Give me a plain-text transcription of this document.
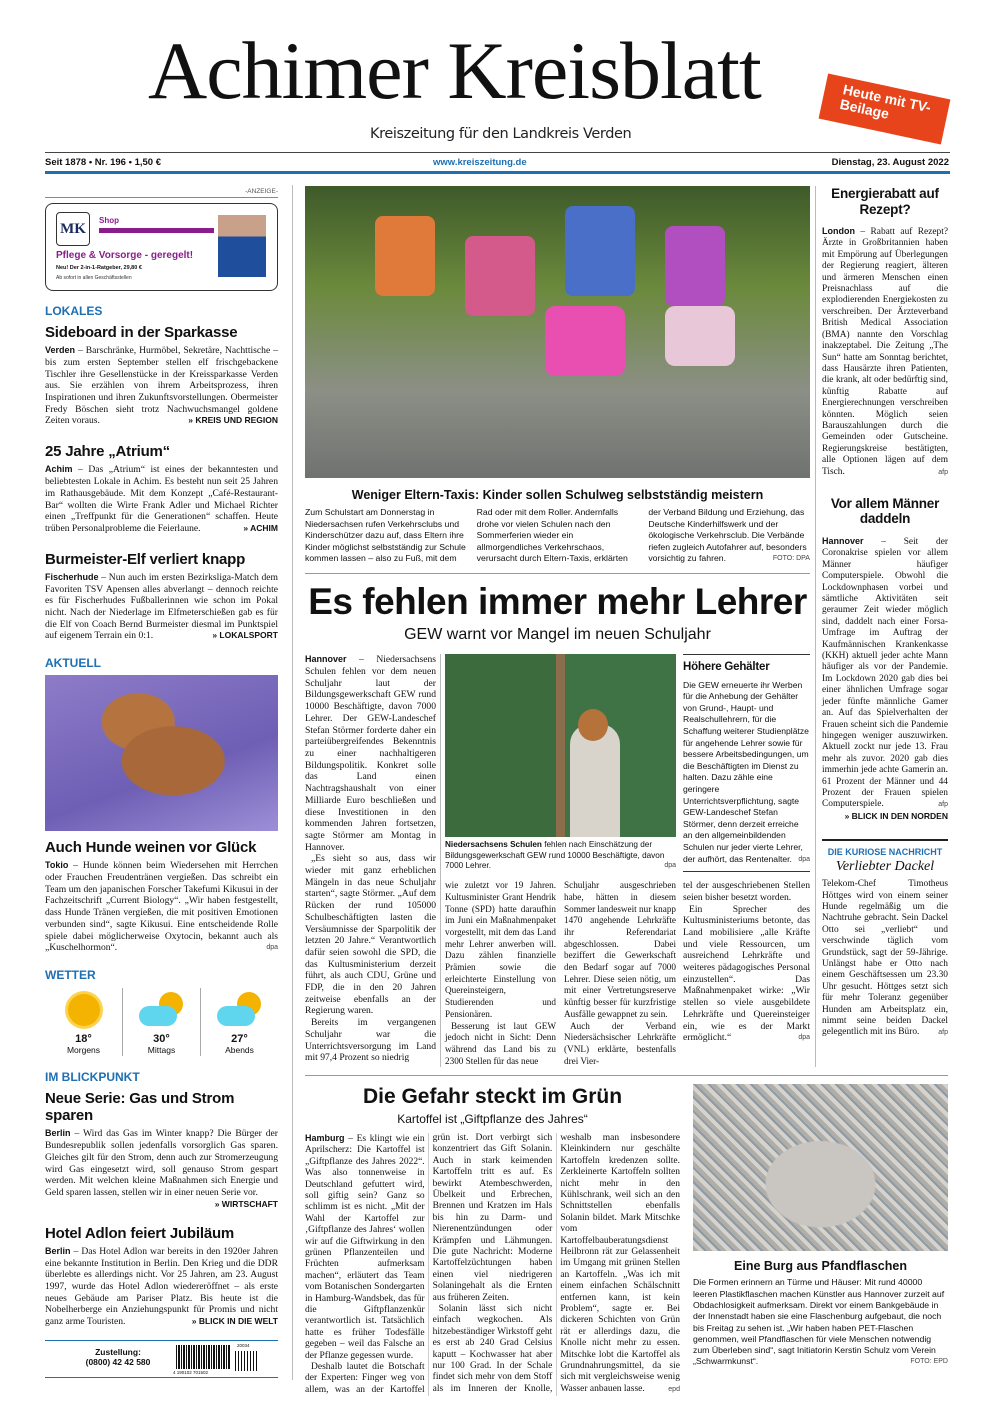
Achimer Kreisblatt
Kreiszeitung für den Landkreis Verden
Heute mit TV-Beilage
Seit 1878 • Nr. 196 • 1,50 €	www.kreiszeitung.de	Dienstag, 23. August 2022
-ANZEIGE-
MK
Shop
Pflege & Vorsorge - geregelt!
Neu! Der 2-in-1-Ratgeber, 29,80 €
Ab sofort in allen Geschäftsstellen
LOKALES
Sideboard in der Sparkasse
Verden – Barschränke, Hurmöbel, Sekretäre, Nachttische – bis zum ersten September stellen elf frischgebackene Tischler ihre Gesellenstücke in der Kreissparkasse Verden aus. Sie erzählen von ihrem Arbeitsprozess, ihren Inspirationen und ihren Zukunftsvorstellungen. Obermeister Fredy Böschen sieht trotz Nachwuchsmangel goldene Zeiten voraus.	» KREIS UND REGION
25 Jahre „Atrium“
Achim – Das „Atrium“ ist eines der bekanntesten und beliebtesten Lokale in Achim. Es besteht nun seit 25 Jahren im Rathausgebäude. Mit dem Konzept „Café-Restaurant-Bar“ wollten die Wirte Frank Adler und Michael Richter einen „Treffpunkt für die Generationen“ schaffen. Heute trüben Personalprobleme die Feierlaune.	» ACHIM
Burmeister-Elf verliert knapp
Fischerhude – Nun auch im ersten Bezirksliga-Match dem Favoriten TSV Apensen alles abverlangt – dennoch reichte es für Fischerhudes Fußballerinnen wie schon im Pokal nicht. Nach der Niederlage im Elfmeterschießen gab es für die Elf von Coach Bernd Burmeister diesmal im Punktspiel auf eigenem Terrain ein 0:1.	» LOKALSPORT
AKTUELL
Auch Hunde weinen vor Glück
Tokio – Hunde können beim Wiedersehen mit Herrchen oder Frauchen Freudentränen vergießen. Das schreibt ein Team um den japanischen Forscher Takefumi Kikusui in der Fachzeitschrift „Current Biology“. „Wir haben festgestellt, dass Hunde Tränen vergießen, die mit positiven Emotionen verbunden sind“, sagte Kikusui. Eine entscheidende Rolle spiele dabei möglicherweise Oxytocin, bekannt auch als „Kuschelhormon“.	dpa
WETTER
18°
Morgens
30°
Mittags
27°
Abends
IM BLICKPUNKT
Neue Serie: Gas und Strom sparen
Berlin – Wird das Gas im Winter knapp? Die Bürger der Bundesrepublik sollen jedenfalls vorsorglich Gas sparen. Gleiches gilt für den Strom, denn auch zur Stromerzeugung wird Gas eingesetzt wird, soll genauso Strom gespart werden. Mit welchen kleine Maßnahmen sich Energie und Geld sparen lassen, stellen wir in einer neuen Serie vor.
» WIRTSCHAFT
Hotel Adlon feiert Jubiläum
Berlin – Das Hotel Adlon war bereits in den 1920er Jahren eine bekannte Institution in Berlin. Den Krieg und die DDR überlebte es allerdings nicht. Vor 25 Jahren, am 23. August 1997, wurde das Hotel Adlon wiedereröffnet – als erste neues Gebäude am Pariser Platz. Bis heute ist die Nobelherberge ein Anziehungspunkt für Promis und nicht ganz arme Touristen.	» BLICK IN DIE WELT
Zustellung:
(0800) 42 42 580
4 190102 701502
20034
Weniger Eltern-Taxis: Kinder sollen Schulweg selbstständig meistern
Zum Schulstart am Donnerstag in Niedersachsen rufen Verkehrsclubs und Kinderschützer dazu auf, dass Eltern ihre Kinder möglichst selbstständig zur Schule kommen lassen – also zu Fuß, mit dem Rad oder mit dem Roller. Andernfalls drohe vor vielen Schulen nach den Sommerferien wieder ein allmorgendliches Verkehrschaos, verursacht durch Eltern-Taxis, erklärten der Verband Bildung und Erziehung, das Deutsche Kinderhilfswerk und der ökologische Verkehrsclub. Die Verbände riefen zugleich Autofahrer auf, besonders vorsichtig zu fahren.	FOTO: DPA
Es fehlen immer mehr Lehrer
GEW warnt vor Mangel im neuen Schuljahr

Hannover – Niedersachsens Schulen fehlen vor dem neuen Schuljahr laut der Bildungsgewerkschaft GEW rund 10000 Beschäftigte, davon 7000 Lehrer. Der GEW-Landeschef Stefan Störmer forderte daher ein parteiübergreifendes Bekenntnis zu einer nachhaltigeren Bildungspolitik. Konkret solle das Land einen Nachtragshaushalt von einer Milliarde Euro beschließen und diese Investitionen in den kommenden Jahren fortsetzen, sagte Störmer am Montag in Hannover.

„Es sieht so aus, dass wir wieder mit ganz erheblichen Mängeln in das neue Schuljahr starten“, sagte Störmer. „Auf dem Rücken der rund 105000 Schulbeschäftigten lasten die Versäumnisse der Sparpolitik der letzten 20 Jahre.“ Verantwortlich dafür seien sowohl die SPD, die das Kultusministerium derzeit führt, als auch CDU, Grüne und FDP, die in den 20 Jahren zeitweise ebenfalls an der Regierung waren.

Bereits im vergangenen Schuljahr war die Unterrichtsversorgung im Land mit 97,4 Prozent so niedrig

Niedersachsens Schulen fehlen nach Einschätzung der Bildungsgewerkschaft GEW rund 10000 Beschäftigte, davon 7000 Lehrer.	dpa
Höhere Gehälter
Die GEW erneuerte ihr Werben für die Anhebung der Gehälter von Grund-, Haupt- und Realschullehrern, für die Schaffung weiterer Studienplätze für angehende Lehrer sowie für bessere Arbeitsbedingungen, um die Beschäftigten im Dienst zu halten. Dazu zähle eine geringere Unterrichtsverpflichtung, sagte GEW-Landeschef Stefan Störmer, denn derzeit erreiche an den allgemeinbildenden Schulen nur jeder vierte Lehrer, der aufhört, das Rentenalter. dpa

wie zuletzt vor 19 Jahren. Kultusminister Grant Hendrik Tonne (SPD) hatte daraufhin im Juni ein Maßnahmenpaket vorgestellt, mit dem das Land mehr Lehrer anwerben will. Dazu zählen finanzielle Prämien sowie die erleichterte Einstellung von Quereinsteigern, Studierenden und Pensionären.

Besserung ist laut GEW jedoch nicht in Sicht: Denn während das Land bis zu 2300 Stellen für das neue

Schuljahr ausgeschrieben habe, hätten in diesem Sommer landesweit nur knapp 1470 angehende Lehrkräfte ihr Referendariat abgeschlossen. Dabei beziffert die Gewerkschaft den Bedarf sogar auf 7000 Lehrer. Diese seien nötig, um mit einer Vertretungsreserve künftig besser für kurzfristige Ausfälle gewappnet zu sein.

Auch der Verband Niedersächsischer Lehrkräfte (VNL) erklärte, bestenfalls drei Vier-

tel der ausgeschriebenen Stellen seien bisher besetzt worden.

Ein Sprecher des Kultusministeriums betonte, das Land mobilisiere „alle Kräfte und viele Ressourcen, um ausreichend Lehrkräfte und weiteres pädagogisches Personal einzustellen“. Das Maßnahmenpaket wirke: „Wir stellen so viele ausgebildete Lehrkräfte und Quereinsteiger ein, wie es der Markt ermöglicht.“	dpa

Energierabatt auf Rezept?
London – Rabatt auf Rezept? Ärzte in Großbritannien haben mit Empörung auf Überlegungen der Regierung reagiert, älteren und ärmeren Menschen einen Preisnachlass auf die explodierenden Energiekosten zu verschreiben. Der Ärzteverband British Medical Association (BMA) nannte den Vorschlag inakzeptabel. Die Zeitung „The Sun“ hatte am Sonntag berichtet, dass Hausärzte ihren Patienten, die krank, alt oder bedürftig sind, künftig Rabatte auf Energierechnungen verschreiben könnten. Möglich seien Barauszahlungen durch die Gemeinden oder Gutscheine. Regierungskreise bestätigten, alle Optionen lägen auf dem Tisch.	afp
Vor allem Männer daddeln
Hannover – Seit der Coronakrise spielen vor allem Männer häufiger Computerspiele. Obwohl die Lockdownphasen vorbei und sämtliche Aktivitäten seit geraumer Zeit wieder möglich sind, daddelt nach einer Forsa-Umfrage im Auftrag der Kaufmännischen Krankenkasse (KKH) aktuell jeder achte Mann häufiger als vor der Pandemie. Im Lockdown 2020 gab dies bei einer ähnlichen Umfrage sogar jeder fünfte männliche Gamer an. Auf das Spielverhalten der Frauen scheint sich die Pandemie hingegen weniger auszuwirken. Aktuell zockt nur jede 13. Frau mehr als zuvor. 2020 gab dies immerhin jede achte Gamerin an. 61 Prozent der Männer und 44 Prozent der Frauen spielen Computerspiele.	afp
» BLICK IN DEN NORDEN
DIE KURIOSE NACHRICHT
Verliebter Dackel
Telekom-Chef Timotheus Höttges wird von einem seiner Hunde regelmäßig um die Nachtruhe gebracht. Sein Dackel Otto sei „verliebt“ und verschwinde täglich vom Grundstück, sagt der 59-Jährige. Unlängst habe er Otto nach einem Geschäftsessen um 23.30 Uhr gesucht. Höttges setzt sich für mehr Toleranz gegenüber Hunden am Arbeitsplatz ein, nimmt seine beiden Dackel gelegentlich mit ins Büro.	afp
Die Gefahr steckt im Grün
Kartoffel ist „Giftpflanze des Jahres“

Hamburg – Es klingt wie ein Aprilscherz: Die Kartoffel ist „Giftpflanze des Jahres 2022“. Was also tonnenweise in Deutschland gefuttert wird, soll giftig sein? Ganz so schlimm ist es nicht. „Mit der Wahl der Kartoffel zur ‚Giftpflanze des Jahres‘ wollen wir auf die Giftwirkung in den grünen Pflanzenteilen und Früchten aufmerksam machen“, erläutert das Team vom Botanischen Sondergarten in Hamburg-Wandsbek, das für die Giftpflanzenkür verantwortlich ist. Tatsächlich hatte es früher Todesfälle gegeben – weil das Falsche an der Pflanze gegessen wurde.

Deshalb lautet die Botschaft der Experten: Finger weg von allem, was an der Kartoffel grün ist. Dort verbirgt sich konzentriert das Gift Solanin. Auch in stark keimenden Kartoffeln tritt es auf. Es bewirkt Atembeschwerden, Übelkeit und Erbrechen, Brennen und Kratzen im Hals bis hin zu Darm- und Nierenentzündungen oder Krämpfen und Lähmungen. Die gute Nachricht: Moderne Kartoffelzüchtungen haben einen viel niedrigeren Solaningehalt als die Ernten aus früheren Zeiten.

Solanin lässt sich nicht einfach wegkochen. Als hitzebeständiger Wirkstoff geht es erst ab 240 Grad Celsius kaputt – Kochwasser hat aber nur 100 Grad. In der Schale findet sich mehr von dem Stoff als im Inneren der Knolle, weshalb man insbesondere Kleinkindern nur geschälte Kartoffeln kredenzen sollte. Zerkleinerte Kartoffeln sollten nicht mehr in den Kühlschrank, weil sich an den Schnittstellen ebenfalls Solanin bildet. Mark Mitschke vom Kartoffelbauberatungsdienst Heilbronn rät zur Gelassenheit im Umgang mit grünen Stellen an Kartoffeln. „Was ich mit einem einfachen Schälschnitt entfernen kann, ist kein Problem“, sagte er. Bei dickeren Schichten von Grün rät er allerdings dazu, die Knolle nicht mehr zu essen. Mitschke lobt die Kartoffel als Grundnahrungsmittel, da sie sich mit vergleichsweise wenig Wasser anbauen lasse.	epd

Eine Burg aus Pfandflaschen
Die Formen erinnern an Türme und Häuser: Mit rund 40000 leeren Plastikflaschen machen Künstler aus Hannover zurzeit auf Obdachlosigkeit aufmerksam. Direkt vor einem Bankgebäude in der Innenstadt haben sie eine Flaschenburg aufgebaut, die noch bis Freitag zu sehen ist. „Wir haben haben PET-Flaschen genommen, weil Pfandflaschen für viele Menschen notwendig zum Überleben sind“, sagt Initiatorin Kerstin Schulz vom Verein „Schwarmkunst“.	FOTO: EPD
